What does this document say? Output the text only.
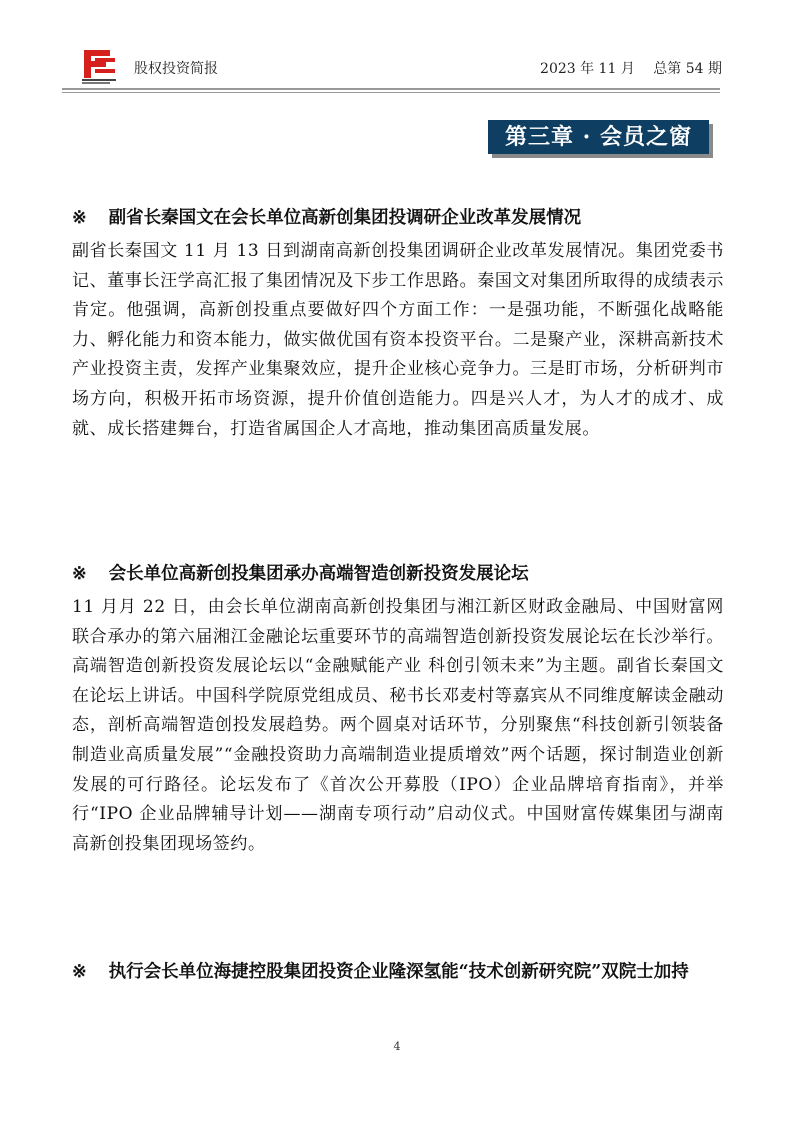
股权投资简报	2023 年 11 月 总第 54 期
第三章 · 会员之窗
※ 副省长秦国文在会长单位高新创集团投调研企业改革发展情况

副省长秦国文 11 月 13 日到湖南高新创投集团调研企业改革发展情况。集团党委书记、董事长汪学高汇报了集团情况及下步工作思路。秦国文对集团所取得的成绩表示肯定。他强调，高新创投重点要做好四个方面工作：一是强功能，不断强化战略能力、孵化能力和资本能力，做实做优国有资本投资平台。二是聚产业，深耕高新技术产业投资主责，发挥产业集聚效应，提升企业核心竞争力。三是盯市场，分析研判市场方向，积极开拓市场资源，提升价值创造能力。四是兴人才，为人才的成才、成就、成长搭建舞台，打造省属国企人才高地，推动集团高质量发展。

※ 会长单位高新创投集团承办高端智造创新投资发展论坛

11 月月 22 日，由会长单位湖南高新创投集团与湘江新区财政金融局、中国财富网联合承办的第六届湘江金融论坛重要环节的高端智造创新投资发展论坛在长沙举行。高端智造创新投资发展论坛以“金融赋能产业 科创引领未来”为主题。副省长秦国文在论坛上讲话。中国科学院原党组成员、秘书长邓麦村等嘉宾从不同维度解读金融动态，剖析高端智造创投发展趋势。两个圆桌对话环节，分别聚焦“科技创新引领装备制造业高质量发展”“金融投资助力高端制造业提质增效”两个话题，探讨制造业创新发展的可行路径。论坛发布了《首次公开募股（IPO）企业品牌培育指南》，并举行“IPO 企业品牌辅导计划——湖南专项行动”启动仪式。中国财富传媒集团与湖南高新创投集团现场签约。

※ 执行会长单位海捷控股集团投资企业隆深氢能“技术创新研究院”双院士加持
4
